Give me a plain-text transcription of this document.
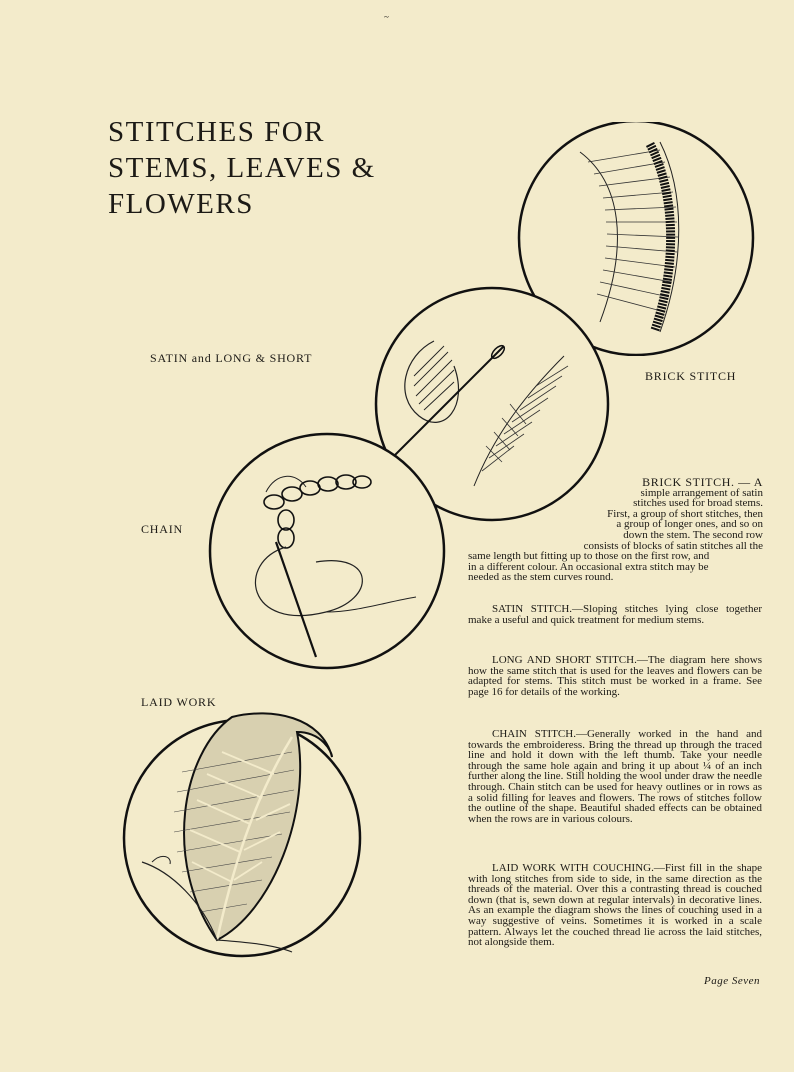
~
STITCHES FOR
STEMS, LEAVES &
FLOWERS
SATIN and LONG & SHORT
BRICK STITCH
CHAIN
LAID WORK
BRICK STITCH. — A
simple arrangement of satin
stitches used for broad stems.
First, a group of short stitches, then
a group of longer ones, and so on
down the stem. The second row
consists of blocks of satin stitches all the
same length but fitting up to those on the first row, and
in a different colour. An occasional extra stitch may be
needed as the stem curves round.

SATIN STITCH.—Sloping stitches lying close together make a useful and quick treatment for medium stems.

LONG AND SHORT STITCH.—The diagram here shows how the same stitch that is used for the leaves and flowers can be adapted for stems. This stitch must be worked in a frame. See page 16 for details of the working.

CHAIN STITCH.—Generally worked in the hand and towards the embroideress. Bring the thread up through the traced line and hold it down with the left thumb. Take your needle through the same hole again and bring it up about ¼ of an inch further along the line. Still holding the wool under draw the needle through. Chain stitch can be used for heavy outlines or in rows as a solid filling for leaves and flowers. The rows of stitches follow the outline of the shape. Beautiful shaded effects can be obtained when the rows are in various colours.

LAID WORK WITH COUCHING.—First fill in the shape with long stitches from side to side, in the same direction as the threads of the material. Over this a contrasting thread is couched down (that is, sewn down at regular intervals) in decorative lines. As an example the diagram shows the lines of couching used in a way suggestive of veins. Sometimes it is worked in a scale pattern. Always let the couched thread lie across the laid stitches, not alongside them.

Page Seven
